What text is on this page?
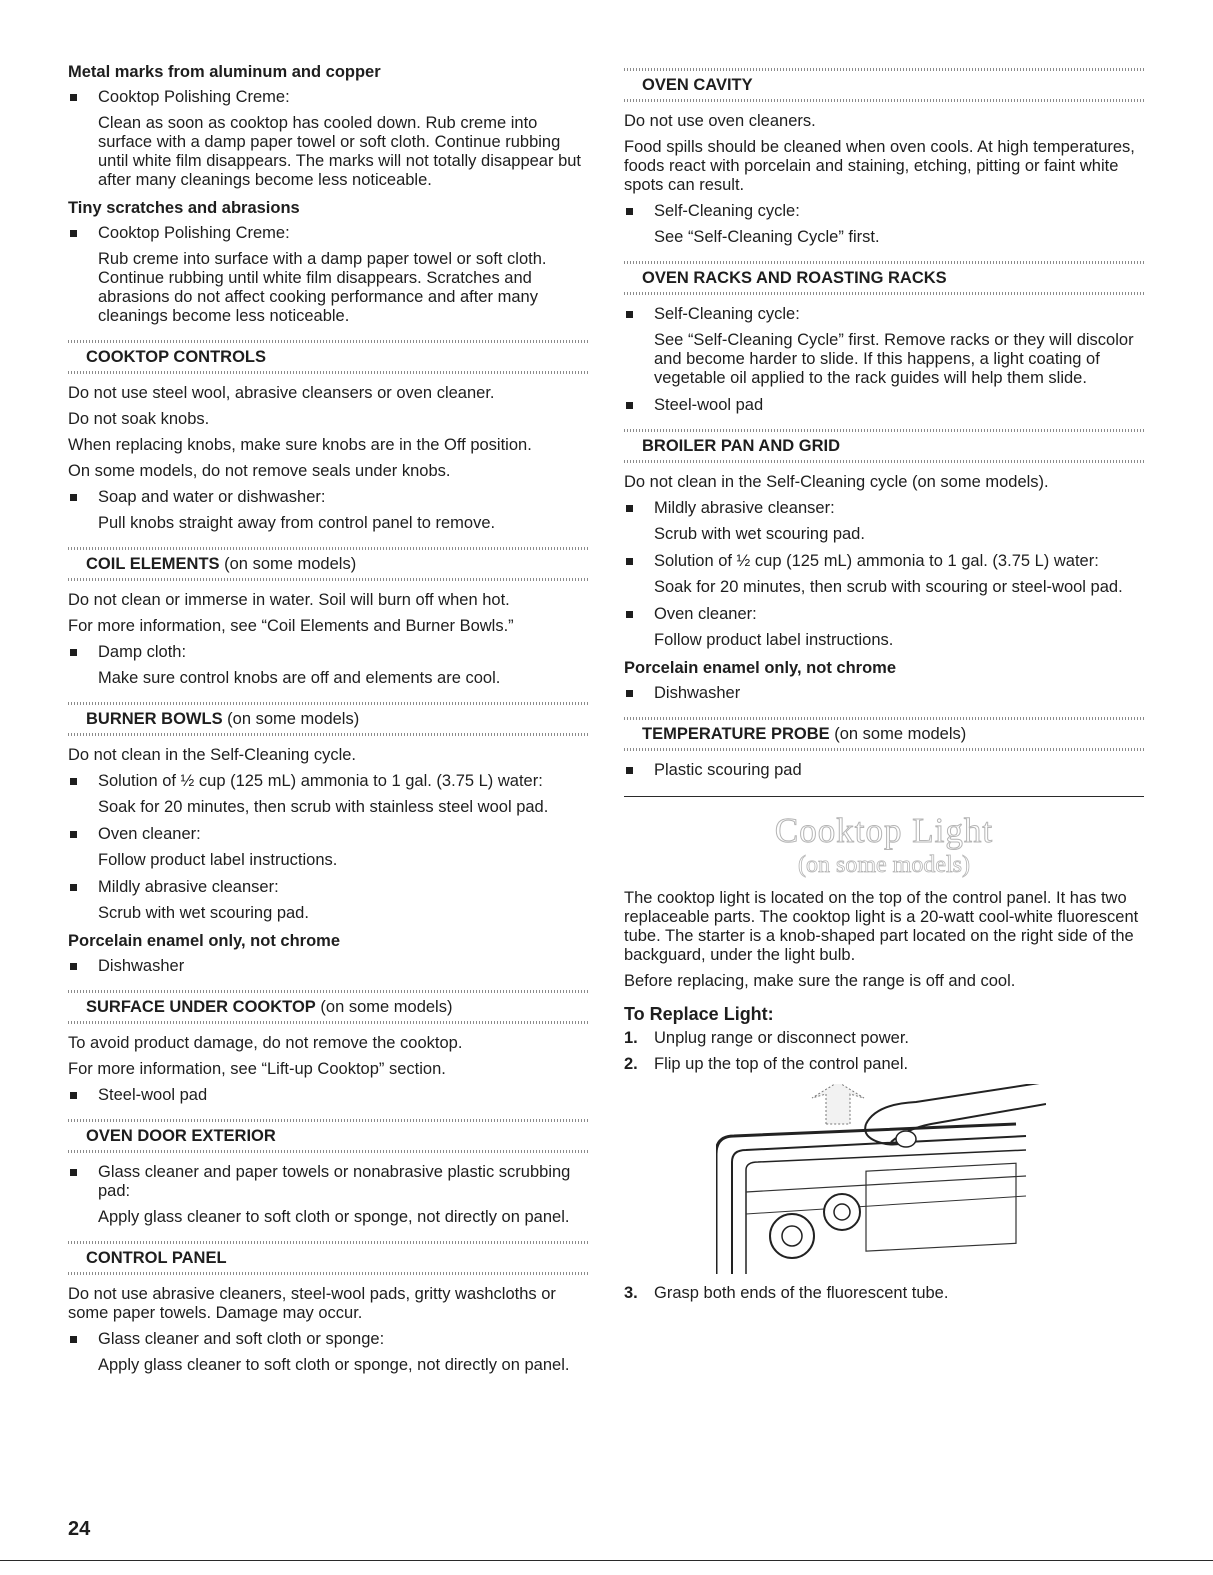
Metal marks from aluminum and copper
Cooktop Polishing Creme:
Clean as soon as cooktop has cooled down. Rub creme into surface with a damp paper towel or soft cloth. Continue rubbing until white film disappears. The marks will not totally disappear but after many cleanings become less noticeable.
Tiny scratches and abrasions
Cooktop Polishing Creme:
Rub creme into surface with a damp paper towel or soft cloth. Continue rubbing until white film disappears. Scratches and abrasions do not affect cooking performance and after many cleanings become less noticeable.
COOKTOP CONTROLS
Do not use steel wool, abrasive cleansers or oven cleaner.
Do not soak knobs.
When replacing knobs, make sure knobs are in the Off position.
On some models, do not remove seals under knobs.
Soap and water or dishwasher:
Pull knobs straight away from control panel to remove.
COIL ELEMENTS (on some models)
Do not clean or immerse in water. Soil will burn off when hot.
For more information, see “Coil Elements and Burner Bowls.”
Damp cloth:
Make sure control knobs are off and elements are cool.
BURNER BOWLS (on some models)
Do not clean in the Self-Cleaning cycle.
Solution of ½ cup (125 mL) ammonia to 1 gal. (3.75 L) water:
Soak for 20 minutes, then scrub with stainless steel wool pad.
Oven cleaner:
Follow product label instructions.
Mildly abrasive cleanser:
Scrub with wet scouring pad.
Porcelain enamel only, not chrome
Dishwasher
SURFACE UNDER COOKTOP (on some models)
To avoid product damage, do not remove the cooktop.
For more information, see “Lift-up Cooktop” section.
Steel-wool pad
OVEN DOOR EXTERIOR
Glass cleaner and paper towels or nonabrasive plastic scrubbing pad:
Apply glass cleaner to soft cloth or sponge, not directly on panel.
CONTROL PANEL
Do not use abrasive cleaners, steel-wool pads, gritty washcloths or some paper towels. Damage may occur.
Glass cleaner and soft cloth or sponge:
Apply glass cleaner to soft cloth or sponge, not directly on panel.
OVEN CAVITY
Do not use oven cleaners.
Food spills should be cleaned when oven cools. At high temperatures, foods react with porcelain and staining, etching, pitting or faint white spots can result.
Self-Cleaning cycle:
See “Self-Cleaning Cycle” first.
OVEN RACKS AND ROASTING RACKS
Self-Cleaning cycle:
See “Self-Cleaning Cycle” first. Remove racks or they will discolor and become harder to slide. If this happens, a light coating of vegetable oil applied to the rack guides will help them slide.
Steel-wool pad
BROILER PAN AND GRID
Do not clean in the Self-Cleaning cycle (on some models).
Mildly abrasive cleanser:
Scrub with wet scouring pad.
Solution of ½ cup (125 mL) ammonia to 1 gal. (3.75 L) water:
Soak for 20 minutes, then scrub with scouring or steel-wool pad.
Oven cleaner:
Follow product label instructions.
Porcelain enamel only, not chrome
Dishwasher
TEMPERATURE PROBE (on some models)
Plastic scouring pad
Cooktop Light
(on some models)
The cooktop light is located on the top of the control panel. It has two replaceable parts. The cooktop light is a 20-watt cool-white fluorescent tube. The starter is a knob-shaped part located on the right side of the backguard, under the light bulb.
Before replacing, make sure the range is off and cool.
To Replace Light:
1. Unplug range or disconnect power.
2. Flip up the top of the control panel.
3. Grasp both ends of the fluorescent tube.
24
